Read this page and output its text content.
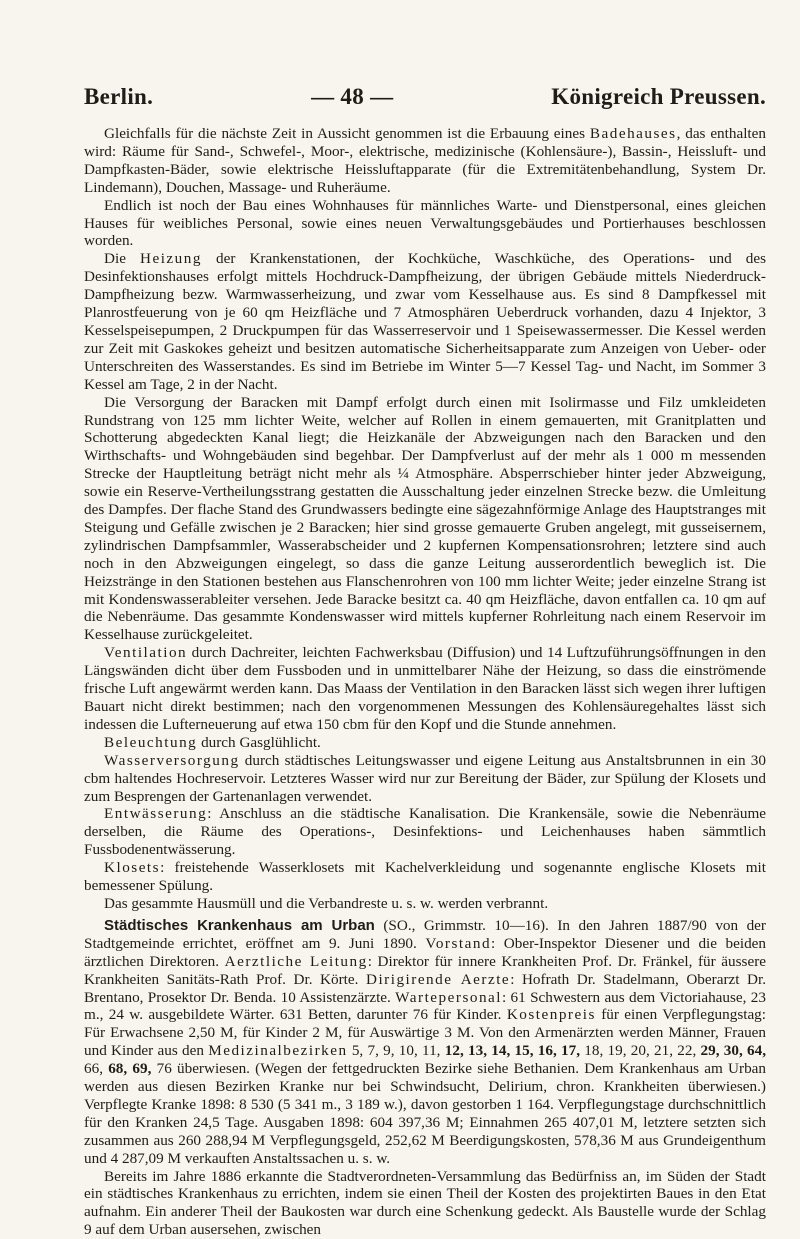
Berlin.	— 48 —	Königreich Preussen.

Gleichfalls für die nächste Zeit in Aussicht genommen ist die Erbauung eines Badehauses, das enthalten wird: Räume für Sand-, Schwefel-, Moor-, elektrische, medizinische (Kohlensäure-), Bassin-, Heissluft- und Dampfkasten-Bäder, sowie elektrische Heissluftapparate (für die Extremitätenbehandlung, System Dr. Lindemann), Douchen, Massage- und Ruheräume.

Endlich ist noch der Bau eines Wohnhauses für männliches Warte- und Dienstpersonal, eines gleichen Hauses für weibliches Personal, sowie eines neuen Verwaltungsgebäudes und Portierhauses beschlossen worden.

Die Heizung der Krankenstationen, der Kochküche, Waschküche, des Operations- und des Desinfektionshauses erfolgt mittels Hochdruck-Dampfheizung, der übrigen Gebäude mittels Niederdruck-Dampfheizung bezw. Warmwasserheizung, und zwar vom Kesselhause aus. Es sind 8 Dampfkessel mit Planrostfeuerung von je 60 qm Heizfläche und 7 Atmosphären Ueberdruck vorhanden, dazu 4 Injektor, 3 Kesselspeisepumpen, 2 Druckpumpen für das Wasserreservoir und 1 Speisewassermesser. Die Kessel werden zur Zeit mit Gaskokes geheizt und besitzen automatische Sicherheitsapparate zum Anzeigen von Ueber- oder Unterschreiten des Wasserstandes. Es sind im Betriebe im Winter 5—7 Kessel Tag- und Nacht, im Sommer 3 Kessel am Tage, 2 in der Nacht.

Die Versorgung der Baracken mit Dampf erfolgt durch einen mit Isolirmasse und Filz umkleideten Rundstrang von 125 mm lichter Weite, welcher auf Rollen in einem gemauerten, mit Granitplatten und Schotterung abgedeckten Kanal liegt; die Heizkanäle der Abzweigungen nach den Baracken und den Wirthschafts- und Wohngebäuden sind begehbar. Der Dampfverlust auf der mehr als 1 000 m messenden Strecke der Hauptleitung beträgt nicht mehr als ¼ Atmosphäre. Absperrschieber hinter jeder Abzweigung, sowie ein Reserve-Vertheilungsstrang gestatten die Ausschaltung jeder einzelnen Strecke bezw. die Umleitung des Dampfes. Der flache Stand des Grundwassers bedingte eine sägezahnförmige Anlage des Hauptstranges mit Steigung und Gefälle zwischen je 2 Baracken; hier sind grosse gemauerte Gruben angelegt, mit gusseisernem, zylindrischen Dampfsammler, Wasserabscheider und 2 kupfernen Kompensationsrohren; letztere sind auch noch in den Abzweigungen eingelegt, so dass die ganze Leitung ausserordentlich beweglich ist. Die Heizstränge in den Stationen bestehen aus Flanschenrohren von 100 mm lichter Weite; jeder einzelne Strang ist mit Kondenswasserableiter versehen. Jede Baracke besitzt ca. 40 qm Heizfläche, davon entfallen ca. 10 qm auf die Nebenräume. Das gesammte Kondenswasser wird mittels kupferner Rohrleitung nach einem Reservoir im Kesselhause zurückgeleitet.

Ventilation durch Dachreiter, leichten Fachwerksbau (Diffusion) und 14 Luftzuführungsöffnungen in den Längswänden dicht über dem Fussboden und in unmittelbarer Nähe der Heizung, so dass die einströmende frische Luft angewärmt werden kann. Das Maass der Ventilation in den Baracken lässt sich wegen ihrer luftigen Bauart nicht direkt bestimmen; nach den vorgenommenen Messungen des Kohlensäuregehaltes lässt sich indessen die Lufterneuerung auf etwa 150 cbm für den Kopf und die Stunde annehmen.

Beleuchtung durch Gasglühlicht.

Wasserversorgung durch städtisches Leitungswasser und eigene Leitung aus Anstaltsbrunnen in ein 30 cbm haltendes Hochreservoir. Letzteres Wasser wird nur zur Bereitung der Bäder, zur Spülung der Klosets und zum Besprengen der Gartenanlagen verwendet.

Entwässerung: Anschluss an die städtische Kanalisation. Die Krankensäle, sowie die Nebenräume derselben, die Räume des Operations-, Desinfektions- und Leichenhauses haben sämmtlich Fussbodenentwässerung.

Klosets: freistehende Wasserklosets mit Kachelverkleidung und sogenannte englische Klosets mit bemessener Spülung.

Das gesammte Hausmüll und die Verbandreste u. s. w. werden verbrannt.

Städtisches Krankenhaus am Urban (SO., Grimmstr. 10—16). In den Jahren 1887/90 von der Stadtgemeinde errichtet, eröffnet am 9. Juni 1890. Vorstand: Ober-Inspektor Diesener und die beiden ärztlichen Direktoren. Aerztliche Leitung: Direktor für innere Krankheiten Prof. Dr. Fränkel, für äussere Krankheiten Sanitäts-Rath Prof. Dr. Körte. Dirigirende Aerzte: Hofrath Dr. Stadelmann, Oberarzt Dr. Brentano, Prosektor Dr. Benda. 10 Assistenzärzte. Wartepersonal: 61 Schwestern aus dem Victoriahause, 23 m., 24 w. ausgebildete Wärter. 631 Betten, darunter 76 für Kinder. Kostenpreis für einen Verpflegungstag: Für Erwachsene 2,50 M, für Kinder 2 M, für Auswärtige 3 M. Von den Armenärzten werden Männer, Frauen und Kinder aus den Medizinalbezirken 5, 7, 9, 10, 11, 12, 13, 14, 15, 16, 17, 18, 19, 20, 21, 22, 29, 30, 64, 66, 68, 69, 76 überwiesen. (Wegen der fettgedruckten Bezirke siehe Bethanien. Dem Krankenhaus am Urban werden aus diesen Bezirken Kranke nur bei Schwindsucht, Delirium, chron. Krankheiten überwiesen.) Verpflegte Kranke 1898: 8 530 (5 341 m., 3 189 w.), davon gestorben 1 164. Verpflegungstage durchschnittlich für den Kranken 24,5 Tage. Ausgaben 1898: 604 397,36 M; Einnahmen 265 407,01 M, letztere setzten sich zusammen aus 260 288,94 M Verpflegungsgeld, 252,62 M Beerdigungskosten, 578,36 M aus Grundeigenthum und 4 287,09 M verkauften Anstaltssachen u. s. w.

Bereits im Jahre 1886 erkannte die Stadtverordneten-Versammlung das Bedürfniss an, im Süden der Stadt ein städtisches Krankenhaus zu errichten, indem sie einen Theil der Kosten des projektirten Baues in den Etat aufnahm. Ein anderer Theil der Baukosten war durch eine Schenkung gedeckt. Als Baustelle wurde der Schlag 9 auf dem Urban ausersehen, zwischen
